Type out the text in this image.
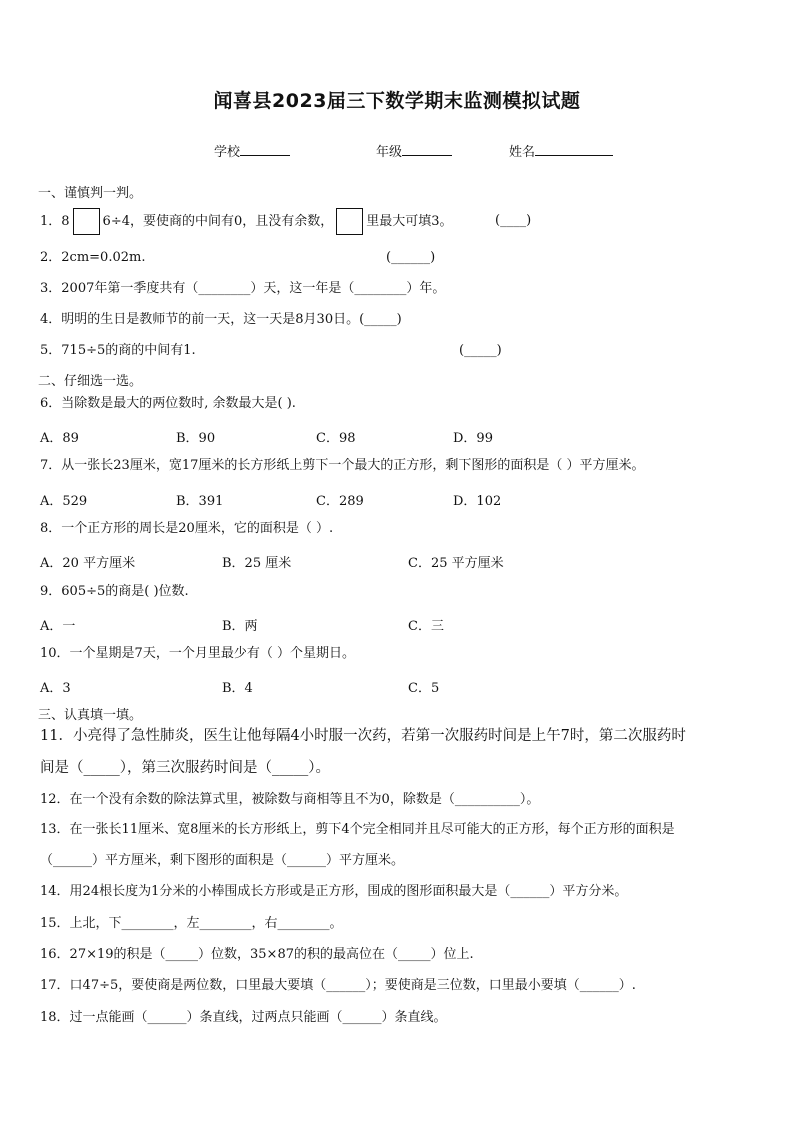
闻喜县2023届三下数学期末监测模拟试题
学校	年级	姓名
一、谨慎判一判。
1．8	6÷4，要使商的中间有0，且没有余数，	里最大可填3。	(____)
2．2cm=0.02m.	(______)
3．2007年第一季度共有（________）天，这一年是（________）年。
4．明明的生日是教师节的前一天，这一天是8月30日。(_____)
5．715÷5的商的中间有1.	(_____)
二、仔细选一选。
6．当除数是最大的两位数时, 余数最大是( ).
A．89	B．90	C．98	D．99
7．从一张长23厘米，宽17厘米的长方形纸上剪下一个最大的正方形，剩下图形的面积是（ ）平方厘米。
A．529	B．391	C．289	D．102
8．一个正方形的周长是20厘米，它的面积是（ ）.
A．20 平方厘米	B．25 厘米	C．25 平方厘米
9．605÷5的商是( )位数.
A．一	B．两	C．三
10．一个星期是7天，一个月里最少有（ ）个星期日。
A．3	B．4	C．5
三、认真填一填。
11．小亮得了急性肺炎，医生让他每隔4小时服一次药，若第一次服药时间是上午7时，第二次服药时
间是（_____），第三次服药时间是（_____）。
12．在一个没有余数的除法算式里，被除数与商相等且不为0，除数是（__________）。
13．在一张长11厘米、宽8厘米的长方形纸上，剪下4个完全相同并且尽可能大的正方形，每个正方形的面积是
（______）平方厘米，剩下图形的面积是（______）平方厘米。
14．用24根长度为1分米的小棒围成长方形或是正方形，围成的图形面积最大是（______）平方分米。
15．上北，下________，左________，右________。
16．27×19的积是（_____）位数，35×87的积的最高位在（_____）位上.
17．口47÷5，要使商是两位数，口里最大要填（______）；要使商是三位数，口里最小要填（______）.
18．过一点能画（______）条直线，过两点只能画（______）条直线。
